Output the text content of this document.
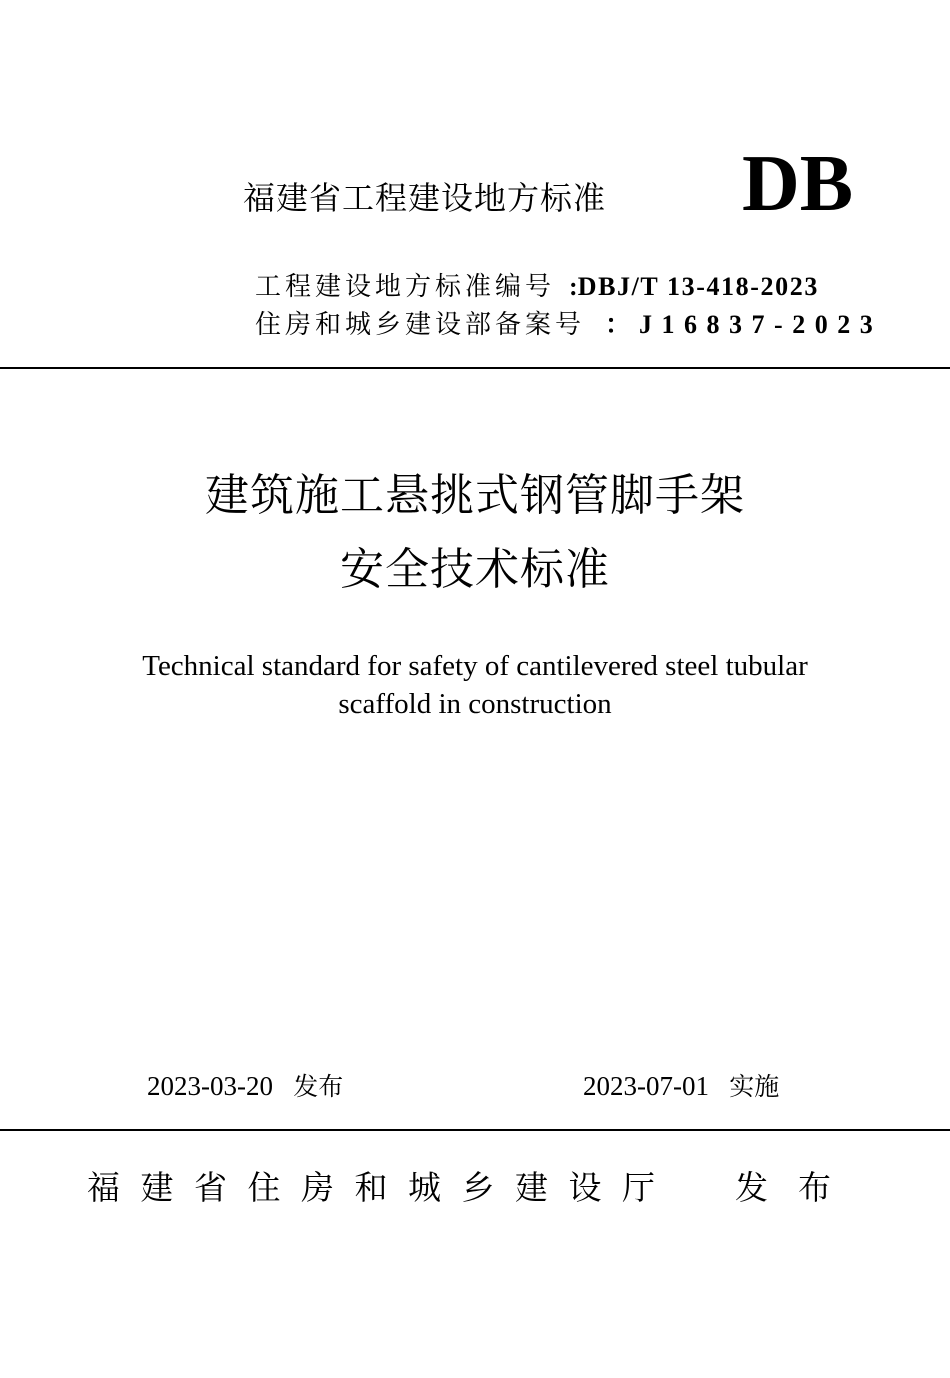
福建省工程建设地方标准 DB
工程建设地方标准编号 :DBJ/T 13-418-2023
住房和城乡建设部备案号 ： J16837-2023
建筑施工悬挑式钢管脚手架
安全技术标准
Technical standard for safety of cantilevered steel tubular
scaffold in construction
2023-03-20 发布	2023-07-01 实施
福建省住房和城乡建设厅 发布
